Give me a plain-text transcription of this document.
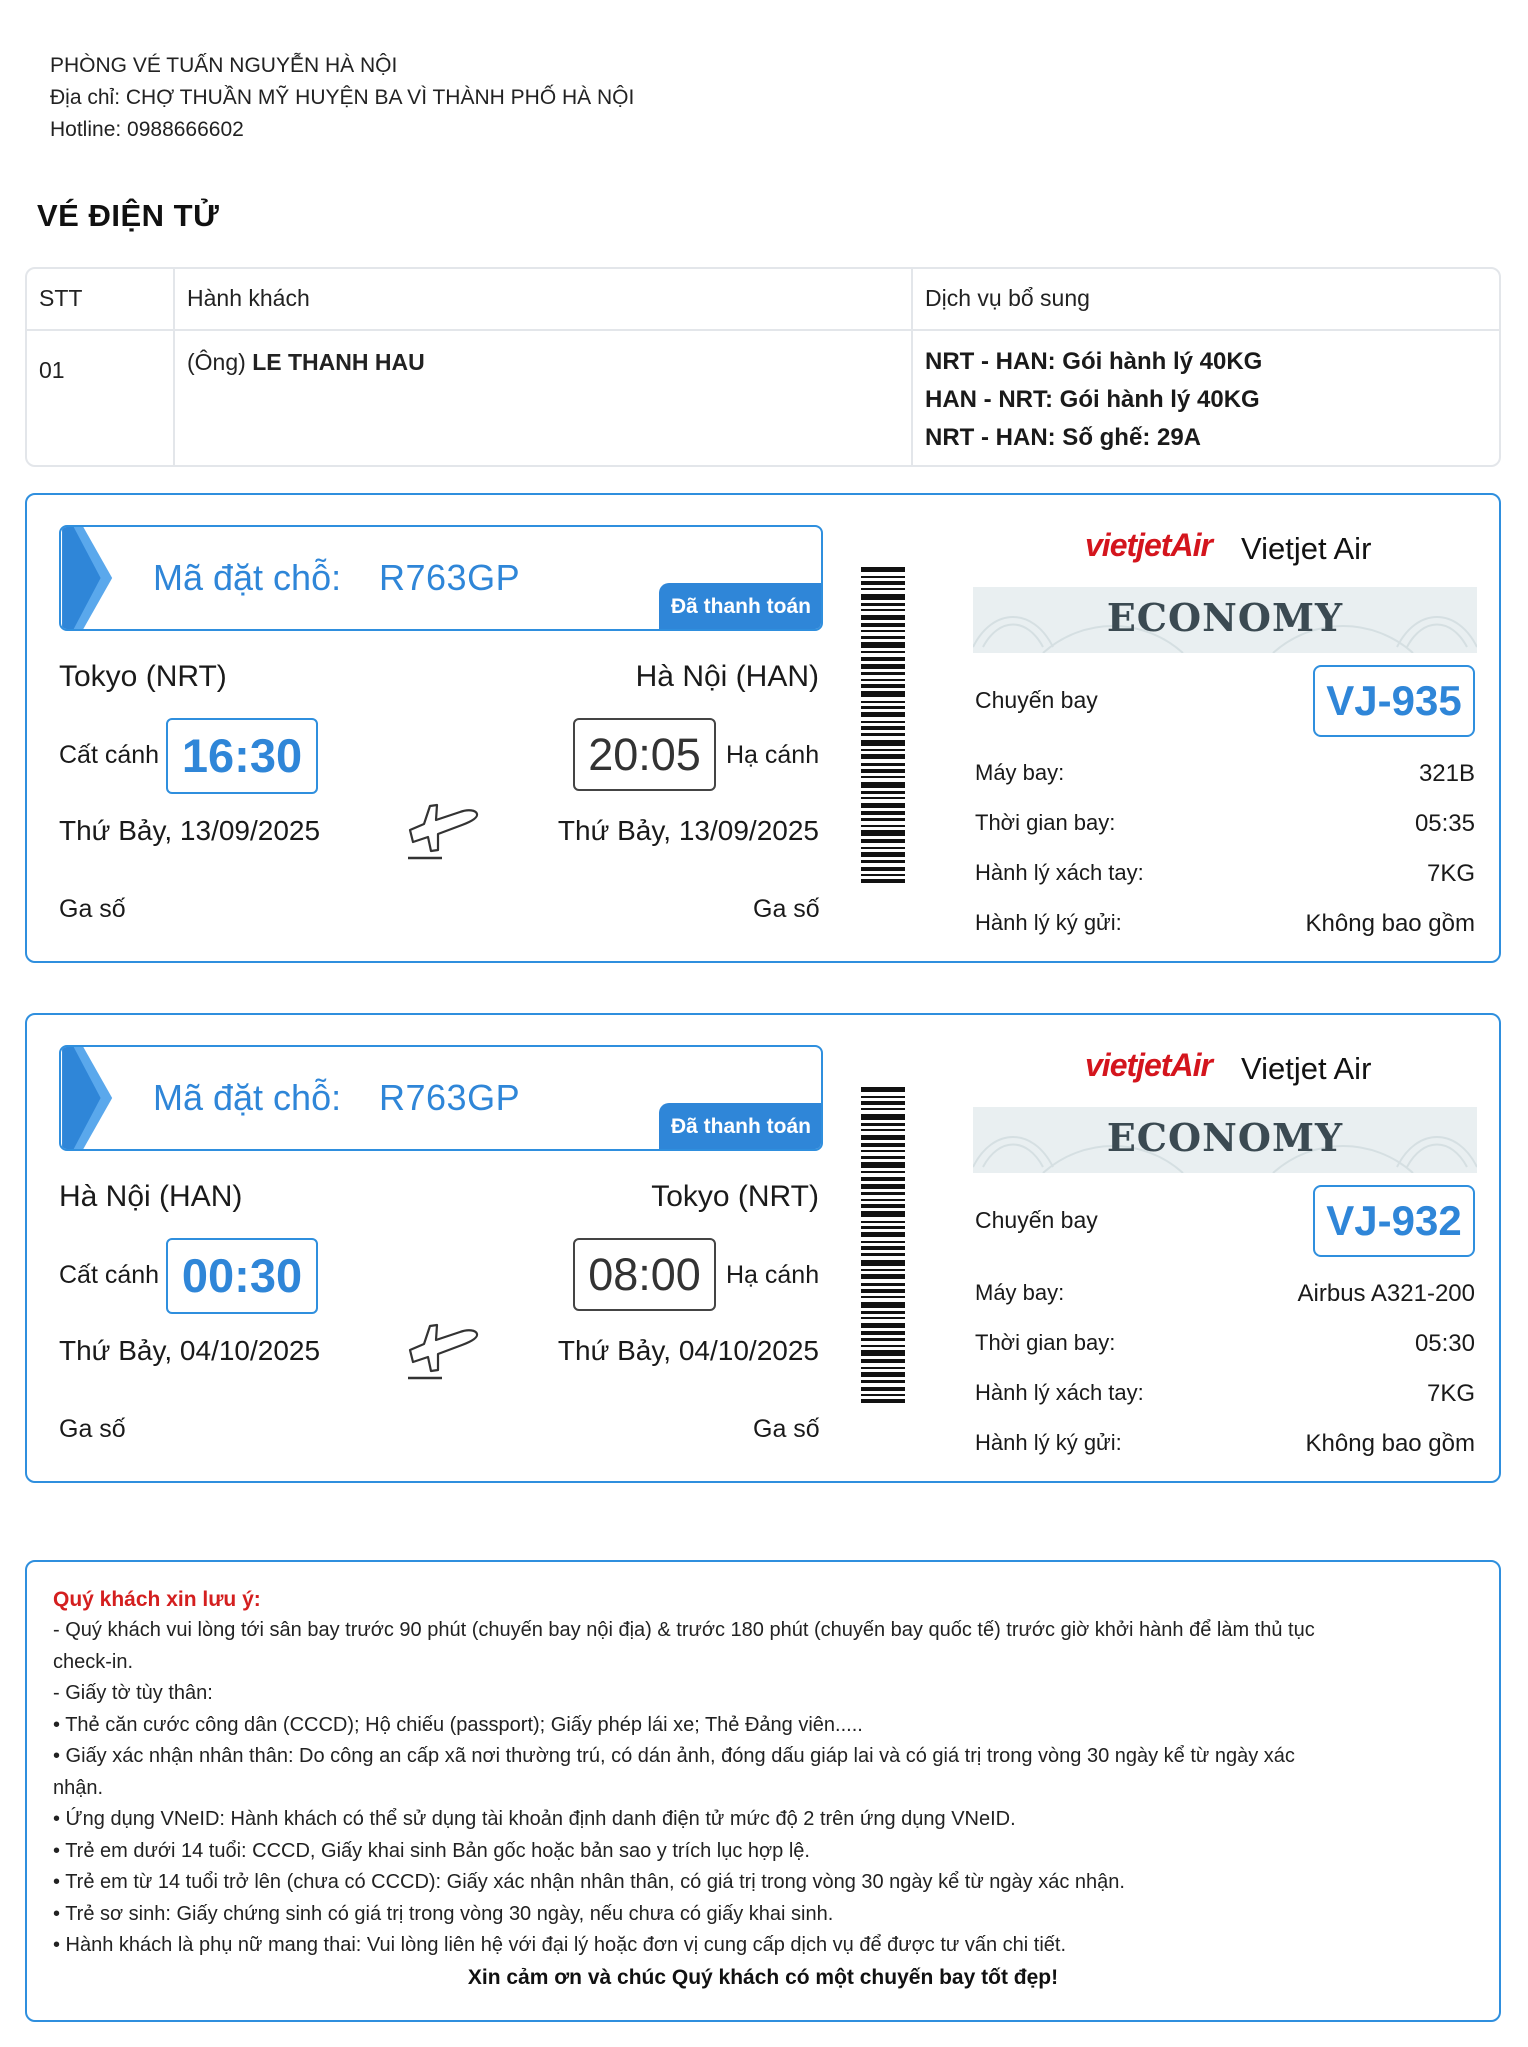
PHÒNG VÉ TUẤN NGUYỄN HÀ NỘI
Địa chỉ: CHỢ THUẦN MỸ HUYỆN BA VÌ THÀNH PHỐ HÀ NỘI
Hotline: 0988666602
VÉ ĐIỆN TỬ
STT	Hành khách	Dịch vụ bổ sung
01	(Ông) LE THANH HAU	NRT - HAN: Gói hành lý 40KG
HAN - NRT: Gói hành lý 40KG
NRT - HAN: Số ghế: 29A
Mã đặt chỗ: R763GP
Đã thanh toán
Tokyo (NRT)	Hà Nội (HAN)
Cất cánh 16:30	20:05	Hạ cánh
Thứ Bảy, 13/09/2025	Thứ Bảy, 13/09/2025
Ga số	Ga số
vietjetAir Vietjet Air
ECONOMY
Chuyến bay	VJ-935
Máy bay:	321B
Thời gian bay:	05:35
Hành lý xách tay:	7KG
Hành lý ký gửi:	Không bao gồm
Mã đặt chỗ: R763GP
Đã thanh toán
Hà Nội (HAN)	Tokyo (NRT)
Cất cánh 00:30	08:00	Hạ cánh
Thứ Bảy, 04/10/2025	Thứ Bảy, 04/10/2025
Ga số	Ga số
vietjetAir Vietjet Air
ECONOMY
Chuyến bay	VJ-932
Máy bay:	Airbus A321-200
Thời gian bay:	05:30
Hành lý xách tay:	7KG
Hành lý ký gửi:	Không bao gồm
Quý khách xin lưu ý:
- Quý khách vui lòng tới sân bay trước 90 phút (chuyến bay nội địa) & trước 180 phút (chuyến bay quốc tế) trước giờ khởi hành để làm thủ tục
check-in.
- Giấy tờ tùy thân:
• Thẻ căn cước công dân (CCCD); Hộ chiếu (passport); Giấy phép lái xe; Thẻ Đảng viên.....
• Giấy xác nhận nhân thân: Do công an cấp xã nơi thường trú, có dán ảnh, đóng dấu giáp lai và có giá trị trong vòng 30 ngày kể từ ngày xác
nhận.
• Ứng dụng VNeID: Hành khách có thể sử dụng tài khoản định danh điện tử mức độ 2 trên ứng dụng VNeID.
• Trẻ em dưới 14 tuổi: CCCD, Giấy khai sinh Bản gốc hoặc bản sao y trích lục hợp lệ.
• Trẻ em từ 14 tuổi trở lên (chưa có CCCD): Giấy xác nhận nhân thân, có giá trị trong vòng 30 ngày kể từ ngày xác nhận.
• Trẻ sơ sinh: Giấy chứng sinh có giá trị trong vòng 30 ngày, nếu chưa có giấy khai sinh.
• Hành khách là phụ nữ mang thai: Vui lòng liên hệ với đại lý hoặc đơn vị cung cấp dịch vụ để được tư vấn chi tiết.
Xin cảm ơn và chúc Quý khách có một chuyến bay tốt đẹp!
